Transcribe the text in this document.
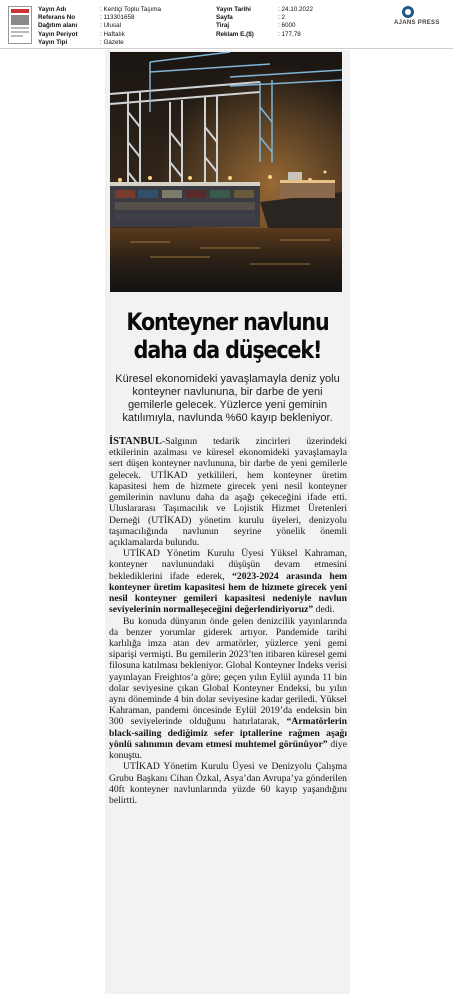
Yayın Adı	: Kentiçi Toplu Taşıma
Referans No	: 113301658
Dağıtım alanı	: Ulusal
Yayın Periyot	: Haftalık
Yayın Tipi	: Gazete
Yayın Tarihi	: 24.10.2022
Sayfa	: 2
Tiraj	: 6000
Reklam E.($)	: 177,78
AJANS PRESS
Konteyner navlunu
daha da düşecek!
Küresel ekonomideki yavaşlamayla deniz yolu konteyner navlununa, bir darbe de yeni gemilerle gelecek. Yüzlerce yeni geminin katılımıyla, navlunda %60 kayıp bekleniyor.

İSTANBUL-Salgının tedarik zincirleri üzerindeki etkilerinin azalması ve küresel ekonomideki yavaşlamayla sert düşen konteyner navlununa, bir darbe de yeni gemilerle gelecek. UTİKAD yetkilileri, hem konteyner üretim kapasitesi hem de hizmete girecek yeni nesil konteyner gemilerinin navlunu daha da aşağı çekeceğini ifade etti. Uluslararası Taşımacılık ve Lojistik Hizmet Üretenleri Derneği (UTİKAD) yönetim kurulu üyeleri, denizyolu taşımacılığında navlunun seyrine yönelik önemli açıklamalarda bulundu.

UTİKAD Yönetim Kurulu Üyesi Yüksel Kahraman, konteyner navlunundaki düşüşün devam etmesini beklediklerini ifade ederek, “2023-2024 arasında hem konteyner üretim kapasitesi hem de hizmete girecek yeni nesil konteyner gemileri kapasitesi nedeniyle navlun seviyelerinin normalleşeceğini değerlendiriyoruz” dedi.

Bu konuda dünyanın önde gelen denizcilik yayınlarında da benzer yorumlar giderek artıyor. Pandemide tarihi karlılığa imza atan dev armatörler, yüzlerce yeni gemi siparişi vermişti. Bu gemilerin 2023’ten itibaren küresel gemi filosuna katılması bekleniyor. Global Konteyner Indeks verisi yayınlayan Freightos’a göre; geçen yılın Eylül ayında 11 bin dolar seviyesine çıkan Global Konteyner Endeksi, bu yılın aynı döneminde 4 bin dolar seviyesine kadar geriledi. Yüksel Kahraman, pandemi öncesinde Eylül 2019’da endeksin bin 300 seviyelerinde olduğunu hatırlatarak, “Armatörlerin black-sailing dediğimiz sefer iptallerine rağmen aşağı yönlü salınımın devam etmesi muhtemel görünüyor” diye konuştu.

UTİKAD Yönetim Kurulu Üyesi ve Denizyolu Çalışma Grubu Başkanı Cihan Özkal, Asya’dan Avrupa’ya gönderilen 40ft konteyner navlunlarında yüzde 60 kayıp yaşandığını belirtti.
